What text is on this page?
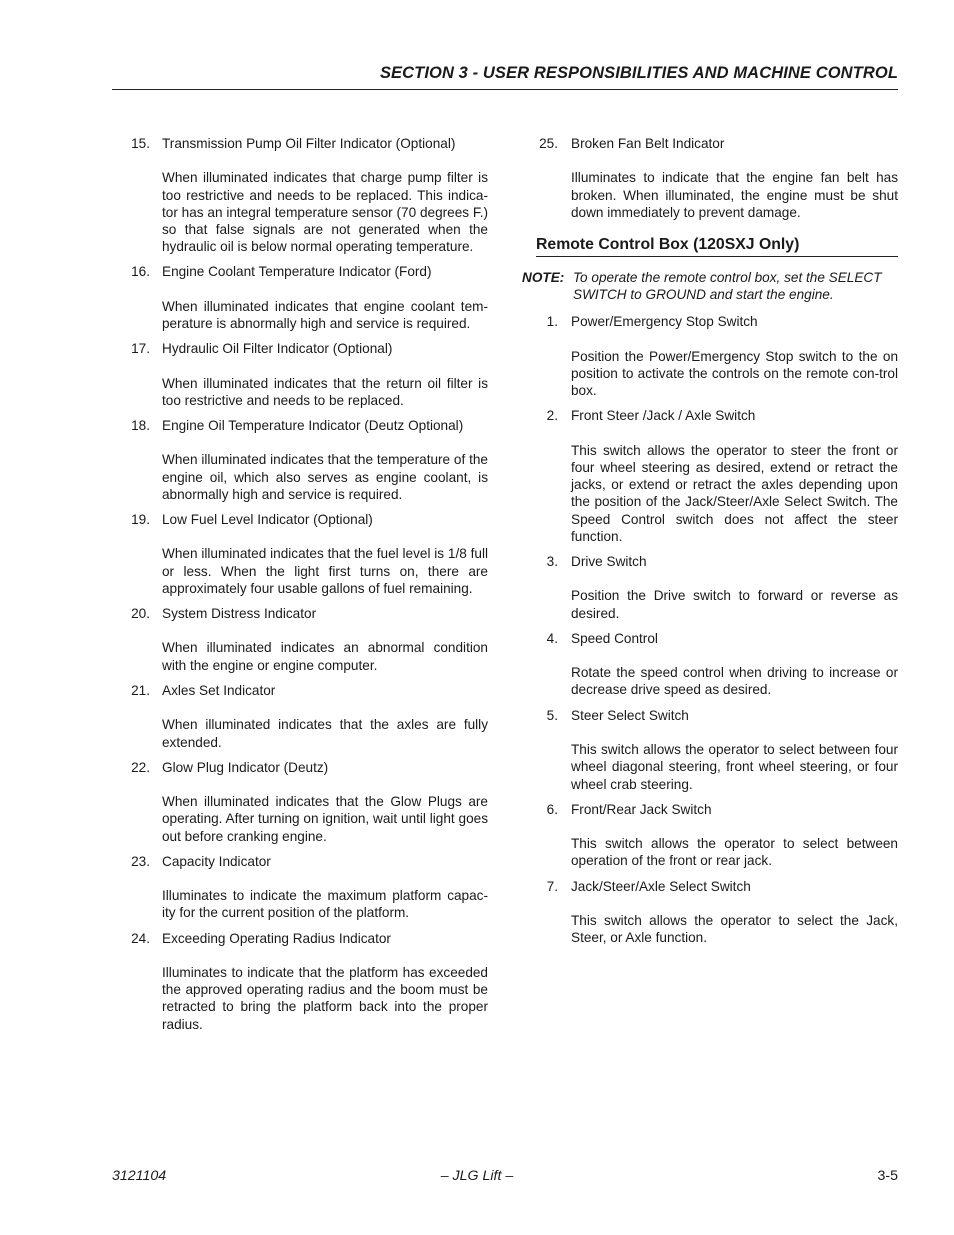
SECTION 3 - USER RESPONSIBILITIES AND MACHINE CONTROL
15. Transmission Pump Oil Filter Indicator (Optional)
When illuminated indicates that charge pump filter is too restrictive and needs to be replaced. This indica-tor has an integral temperature sensor (70 degrees F.) so that false signals are not generated when the hydraulic oil is below normal operating temperature.
16. Engine Coolant Temperature Indicator (Ford)
When illuminated indicates that engine coolant tem-perature is abnormally high and service is required.
17. Hydraulic Oil Filter Indicator (Optional)
When illuminated indicates that the return oil filter is too restrictive and needs to be replaced.
18. Engine Oil Temperature Indicator (Deutz Optional)
When illuminated indicates that the temperature of the engine oil, which also serves as engine coolant, is abnormally high and service is required.
19. Low Fuel Level Indicator (Optional)
When illuminated indicates that the fuel level is 1/8 full or less. When the light first turns on, there are approximately four usable gallons of fuel remaining.
20. System Distress Indicator
When illuminated indicates an abnormal condition with the engine or engine computer.
21. Axles Set Indicator
When illuminated indicates that the axles are fully extended.
22. Glow Plug Indicator (Deutz)
When illuminated indicates that the Glow Plugs are operating. After turning on ignition, wait until light goes out before cranking engine.
23. Capacity Indicator
Illuminates to indicate the maximum platform capac-ity for the current position of the platform.
24. Exceeding Operating Radius Indicator
Illuminates to indicate that the platform has exceeded the approved operating radius and the boom must be retracted to bring the platform back into the proper radius.
25. Broken Fan Belt Indicator
Illuminates to indicate that the engine fan belt has broken. When illuminated, the engine must be shut down immediately to prevent damage.
Remote Control Box (120SXJ Only)
NOTE: To operate the remote control box, set the SELECT SWITCH to GROUND and start the engine.
1. Power/Emergency Stop Switch
Position the Power/Emergency Stop switch to the on position to activate the controls on the remote con-trol box.
2. Front Steer /Jack / Axle Switch
This switch allows the operator to steer the front or four wheel steering as desired, extend or retract the jacks, or extend or retract the axles depending upon the position of the Jack/Steer/Axle Select Switch. The Speed Control switch does not affect the steer function.
3. Drive Switch
Position the Drive switch to forward or reverse as desired.
4. Speed Control
Rotate the speed control when driving to increase or decrease drive speed as desired.
5. Steer Select Switch
This switch allows the operator to select between four wheel diagonal steering, front wheel steering, or four wheel crab steering.
6. Front/Rear Jack Switch
This switch allows the operator to select between operation of the front or rear jack.
7. Jack/Steer/Axle Select Switch
This switch allows the operator to select the Jack, Steer, or Axle function.
3121104	– JLG Lift –	3-5
